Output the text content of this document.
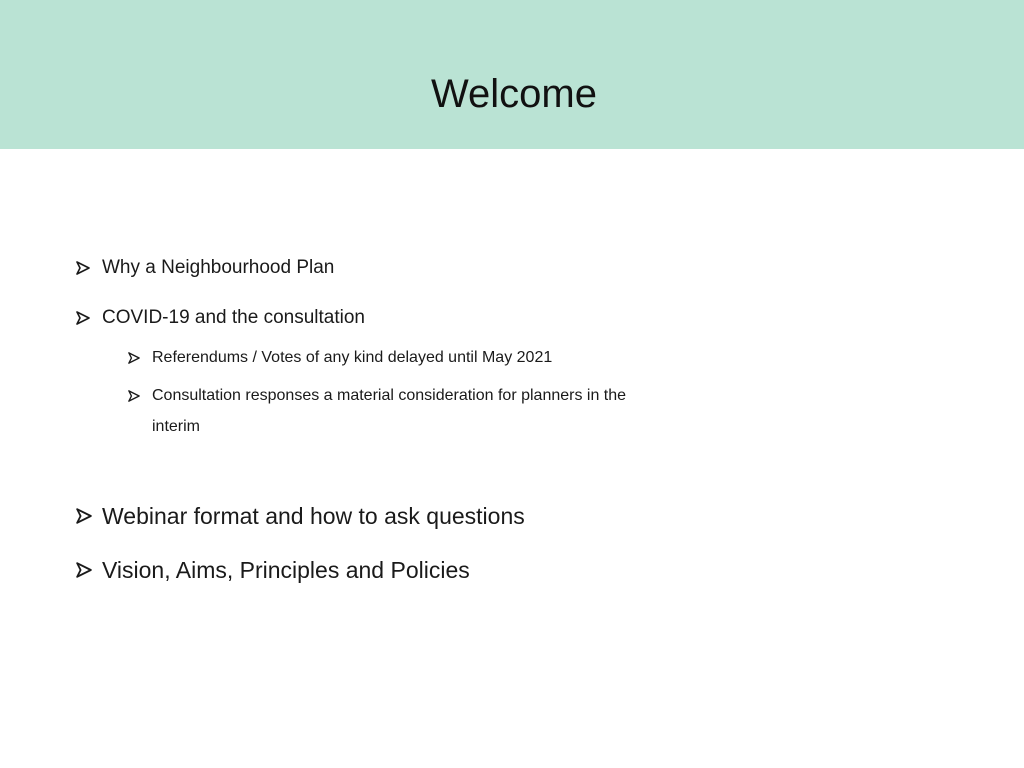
Welcome
Why a Neighbourhood Plan
COVID-19 and the consultation
Referendums / Votes of any kind delayed until May 2021
Consultation responses a material consideration for planners in the interim
Webinar format and how to ask questions
Vision, Aims, Principles and Policies
